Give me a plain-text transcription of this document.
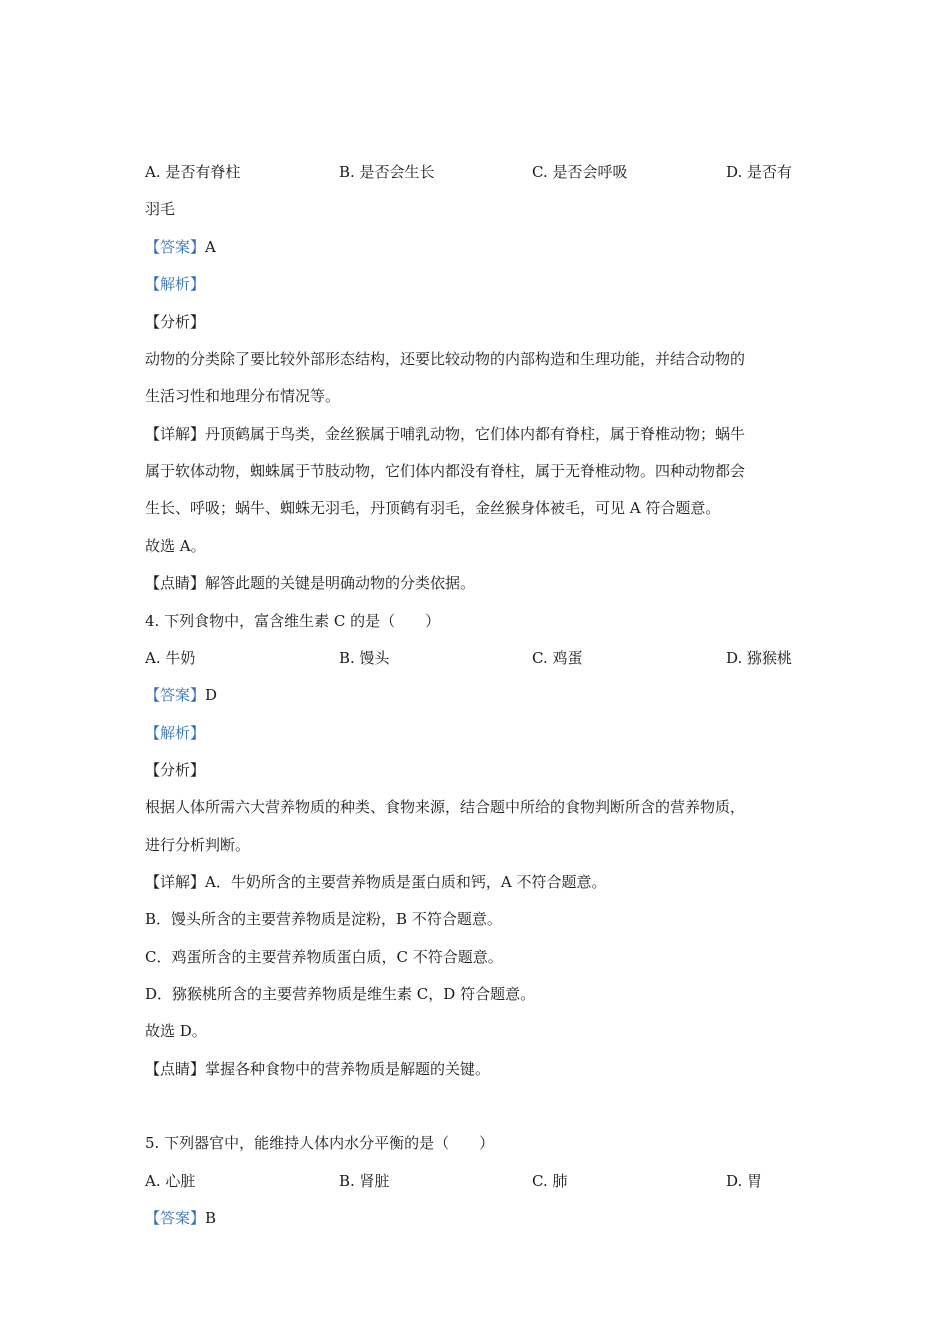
A. 是否有脊柱	B. 是否会生长	C. 是否会呼吸	D. 是否有
羽毛
【答案】A
【解析】
【分析】
动物的分类除了要比较外部形态结构，还要比较动物的内部构造和生理功能，并结合动物的
生活习性和地理分布情况等。
【详解】丹顶鹤属于鸟类，金丝猴属于哺乳动物，它们体内都有脊柱，属于脊椎动物；蜗牛
属于软体动物，蜘蛛属于节肢动物，它们体内都没有脊柱，属于无脊椎动物。四种动物都会
生长、呼吸；蜗牛、蜘蛛无羽毛，丹顶鹤有羽毛，金丝猴身体被毛，可见 A 符合题意。
故选 A。
【点睛】解答此题的关键是明确动物的分类依据。
4. 下列食物中，富含维生素 C 的是（　　）
A. 牛奶	B. 馒头	C. 鸡蛋	D. 猕猴桃
【答案】D
【解析】
【分析】
根据人体所需六大营养物质的种类、食物来源，结合题中所给的食物判断所含的营养物质，
进行分析判断。
【详解】A．牛奶所含的主要营养物质是蛋白质和钙，A 不符合题意。
B．馒头所含的主要营养物质是淀粉，B 不符合题意。
C．鸡蛋所含的主要营养物质蛋白质，C 不符合题意。
D．猕猴桃所含的主要营养物质是维生素 C，D 符合题意。
故选 D。
【点睛】掌握各种食物中的营养物质是解题的关键。
5. 下列器官中，能维持人体内水分平衡的是（　　）
A. 心脏	B. 肾脏	C. 肺	D. 胃
【答案】B
